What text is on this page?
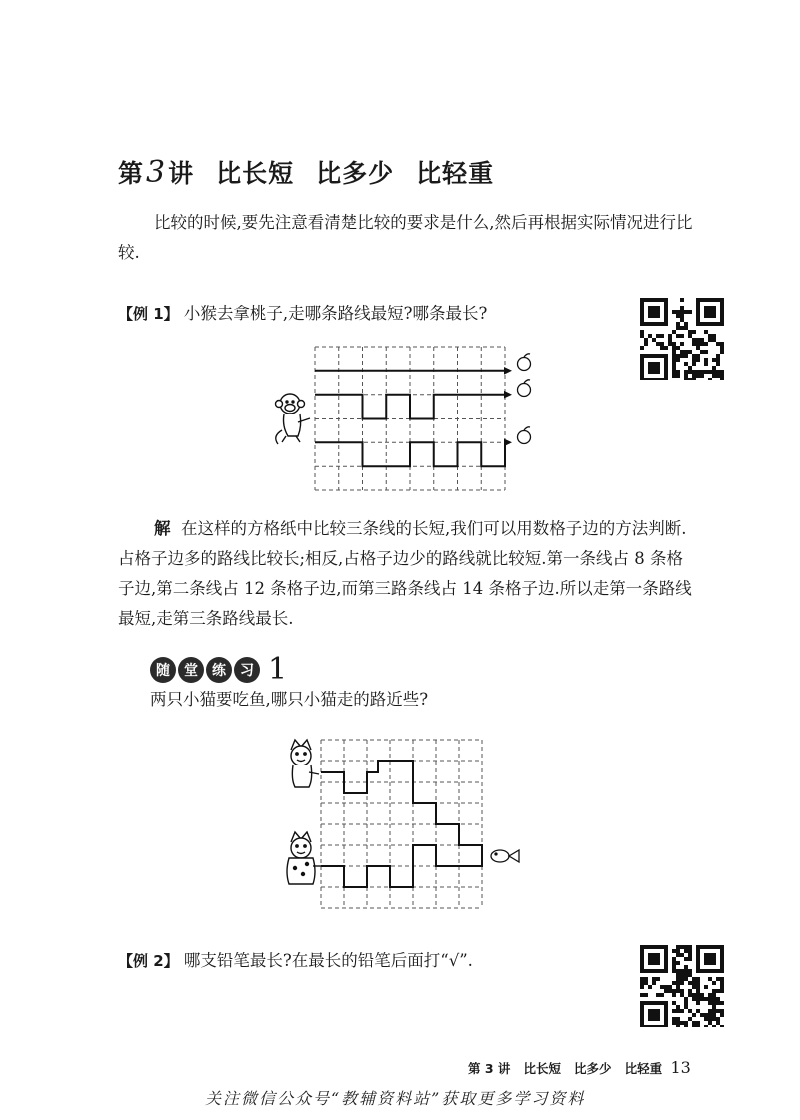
第3讲 比长短 比多少 比轻重
比较的时候,要先注意看清楚比较的要求是什么,然后再根据实际情况进行比较.
【例 1】 小猴去拿桃子,走哪条路线最短?哪条最长?
解 在这样的方格纸中比较三条线的长短,我们可以用数格子边的方法判断.占格子边多的路线比较长;相反,占格子边少的路线就比较短.第一条线占 8 条格子边,第二条线占 12 条格子边,而第三路条线占 14 条格子边.所以走第一条路线最短,走第三条路线最长.
随	堂	练	习 1
两只小猫要吃鱼,哪只小猫走的路近些?
【例 2】 哪支铅笔最长?在最长的铅笔后面打“√”.
第 3 讲 比长短 比多少 比轻重 13
关注微信公众号“教辅资料站”获取更多学习资料
